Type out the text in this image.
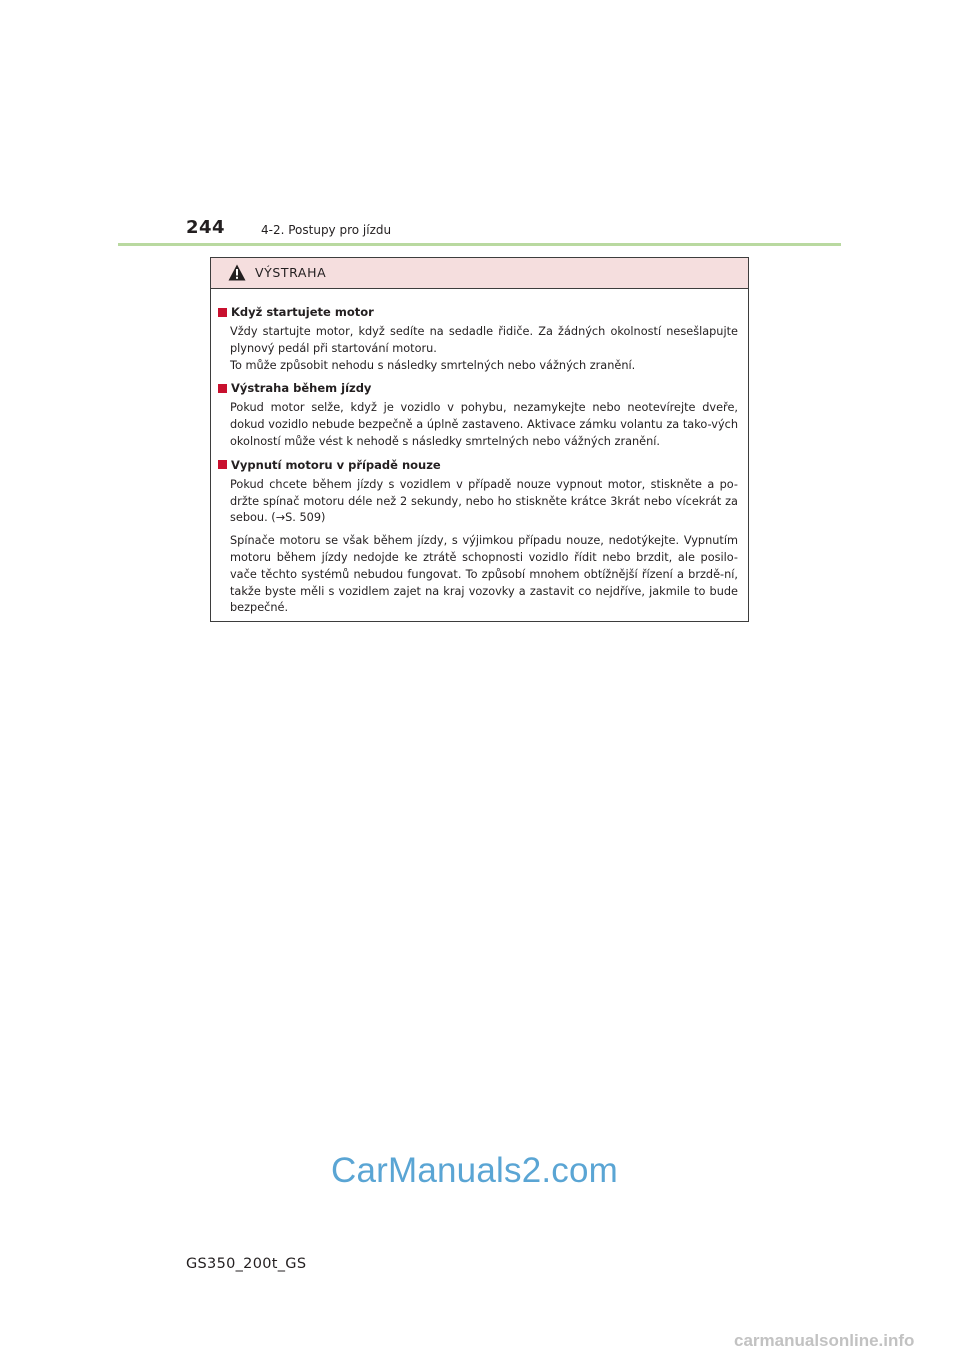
244	4-2. Postupy pro jízdu
VÝSTRAHA
Když startujete motor
Vždy startujte motor, když sedíte na sedadle řidiče. Za žádných okolností nesešlapujte plynový pedál při startování motoru.
To může způsobit nehodu s následky smrtelných nebo vážných zranění.
Výstraha během jízdy
Pokud motor selže, když je vozidlo v pohybu, nezamykejte nebo neotevírejte dveře, dokud vozidlo nebude bezpečně a úplně zastaveno. Aktivace zámku volantu za tako-vých okolností může vést k nehodě s následky smrtelných nebo vážných zranění.
Vypnutí motoru v případě nouze
Pokud chcete během jízdy s vozidlem v případě nouze vypnout motor, stiskněte a po-držte spínač motoru déle než 2 sekundy, nebo ho stiskněte krátce 3krát nebo vícekrát za sebou. (→S. 509)
Spínače motoru se však během jízdy, s výjimkou případu nouze, nedotýkejte. Vypnutím motoru během jízdy nedojde ke ztrátě schopnosti vozidlo řídit nebo brzdit, ale posilo-vače těchto systémů nebudou fungovat. To způsobí mnohem obtížnější řízení a brzdě-ní, takže byste měli s vozidlem zajet na kraj vozovky a zastavit co nejdříve, jakmile to bude bezpečné.
CarManuals2.com
GS350_200t_GS
carmanualsonline.info
